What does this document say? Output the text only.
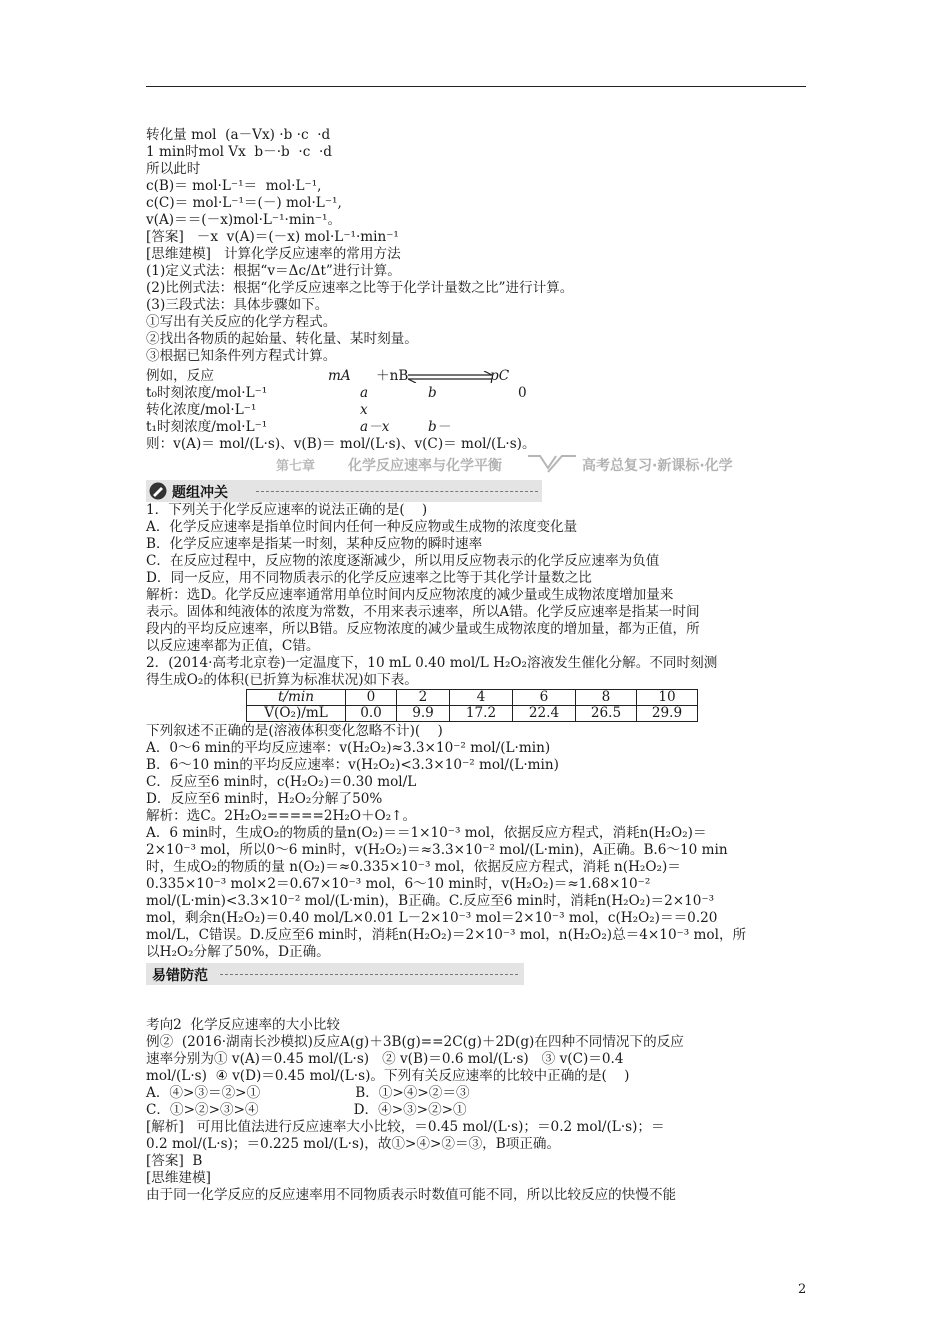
转化量 mol  (a－Vx) ·b ·c  ·d
1 min时mol Vx  b－·b  ·c  ·d
所以此时
c(B)＝ mol·L⁻¹＝  mol·L⁻¹,
c(C)＝ mol·L⁻¹＝(－) mol·L⁻¹,
v(A)＝＝(－x)mol·L⁻¹·min⁻¹。
[答案]   －x  v(A)＝(－x) mol·L⁻¹·min⁻¹
[思维建模]   计算化学反应速率的常用方法
(1)定义式法：根据“v＝Δc/Δt”进行计算。
(2)比例式法：根据“化学反应速率之比等于化学计量数之比”进行计算。
(3)三段式法：具体步骤如下。
①写出有关反应的化学方程式。
②找出各物质的起始量、转化量、某时刻量。
③根据已知条件列方程式计算。
例如，反应	mA ＋nB	pC
t₀时刻浓度/mol·L⁻¹	a	b	0
转化浓度/mol·L⁻¹	x
t₁时刻浓度/mol·L⁻¹	a－x	b－
则：v(A)＝ mol/(L·s)、v(B)＝ mol/(L·s)、v(C)＝ mol/(L·s)。
第七章 化学反应速率与化学平衡	高考总复习·新课标·化学
题组冲关
1．下列关于化学反应速率的说法正确的是(    )
A．化学反应速率是指单位时间内任何一种反应物或生成物的浓度变化量
B．化学反应速率是指某一时刻，某种反应物的瞬时速率
C．在反应过程中，反应物的浓度逐渐减少，所以用反应物表示的化学反应速率为负值
D．同一反应，用不同物质表示的化学反应速率之比等于其化学计量数之比
解析：选D。化学反应速率通常用单位时间内反应物浓度的减少量或生成物浓度增加量来
表示。固体和纯液体的浓度为常数，不用来表示速率，所以A错。化学反应速率是指某一时间
段内的平均反应速率，所以B错。反应物浓度的减少量或生成物浓度的增加量，都为正值，所
以反应速率都为正值，C错。
2．(2014·高考北京卷)一定温度下，10 mL 0.40 mol/L H₂O₂溶液发生催化分解。不同时刻测
得生成O₂的体积(已折算为标准状况)如下表。
t/min	0	2	4	6	8	10
V(O₂)/mL	0.0	9.9	17.2	22.4	26.5	29.9
下列叙述不正确的是(溶液体积变化忽略不计)(    )
A．0～6 min的平均反应速率：v(H₂O₂)≈3.3×10⁻² mol/(L·min)
B．6～10 min的平均反应速率：v(H₂O₂)<3.3×10⁻² mol/(L·min)
C．反应至6 min时，c(H₂O₂)＝0.30 mol/L
D．反应至6 min时，H₂O₂分解了50%
解析：选C。2H₂O₂=====2H₂O＋O₂↑。
A．6 min时，生成O₂的物质的量n(O₂)＝＝1×10⁻³ mol，依据反应方程式，消耗n(H₂O₂)＝
2×10⁻³ mol，所以0～6 min时，v(H₂O₂)＝≈3.3×10⁻² mol/(L·min)，A正确。B.6～10 min
时，生成O₂的物质的量 n(O₂)＝≈0.335×10⁻³ mol，依据反应方程式，消耗 n(H₂O₂)＝
0.335×10⁻³ mol×2＝0.67×10⁻³ mol，6～10 min时，v(H₂O₂)＝≈1.68×10⁻²
mol/(L·min)<3.3×10⁻² mol/(L·min)，B正确。C.反应至6 min时，消耗n(H₂O₂)＝2×10⁻³
mol，剩余n(H₂O₂)＝0.40 mol/L×0.01 L－2×10⁻³ mol＝2×10⁻³ mol，c(H₂O₂)＝＝0.20
mol/L，C错误。D.反应至6 min时，消耗n(H₂O₂)＝2×10⁻³ mol，n(H₂O₂)总＝4×10⁻³ mol，所
以H₂O₂分解了50%，D正确。
易错防范
考向2  化学反应速率的大小比较
例②  (2016·湖南长沙模拟)反应A(g)＋3B(g)==2C(g)＋2D(g)在四种不同情况下的反应
速率分别为① v(A)＝0.45 mol/(L·s)   ② v(B)＝0.6 mol/(L·s)   ③ v(C)＝0.4
mol/(L·s)  ④ v(D)＝0.45 mol/(L·s)。下列有关反应速率的比较中正确的是(    )
A．④>③＝②>①                      B．①>④>②＝③
C．①>②>③>④                      D．④>③>②>①
[解析]   可用比值法进行反应速率大小比较，＝0.45 mol/(L·s)；＝0.2 mol/(L·s)；＝
0.2 mol/(L·s)；＝0.225 mol/(L·s)，故①>④>②＝③，B项正确。
[答案]  B
[思维建模]
由于同一化学反应的反应速率用不同物质表示时数值可能不同，所以比较反应的快慢不能
2
